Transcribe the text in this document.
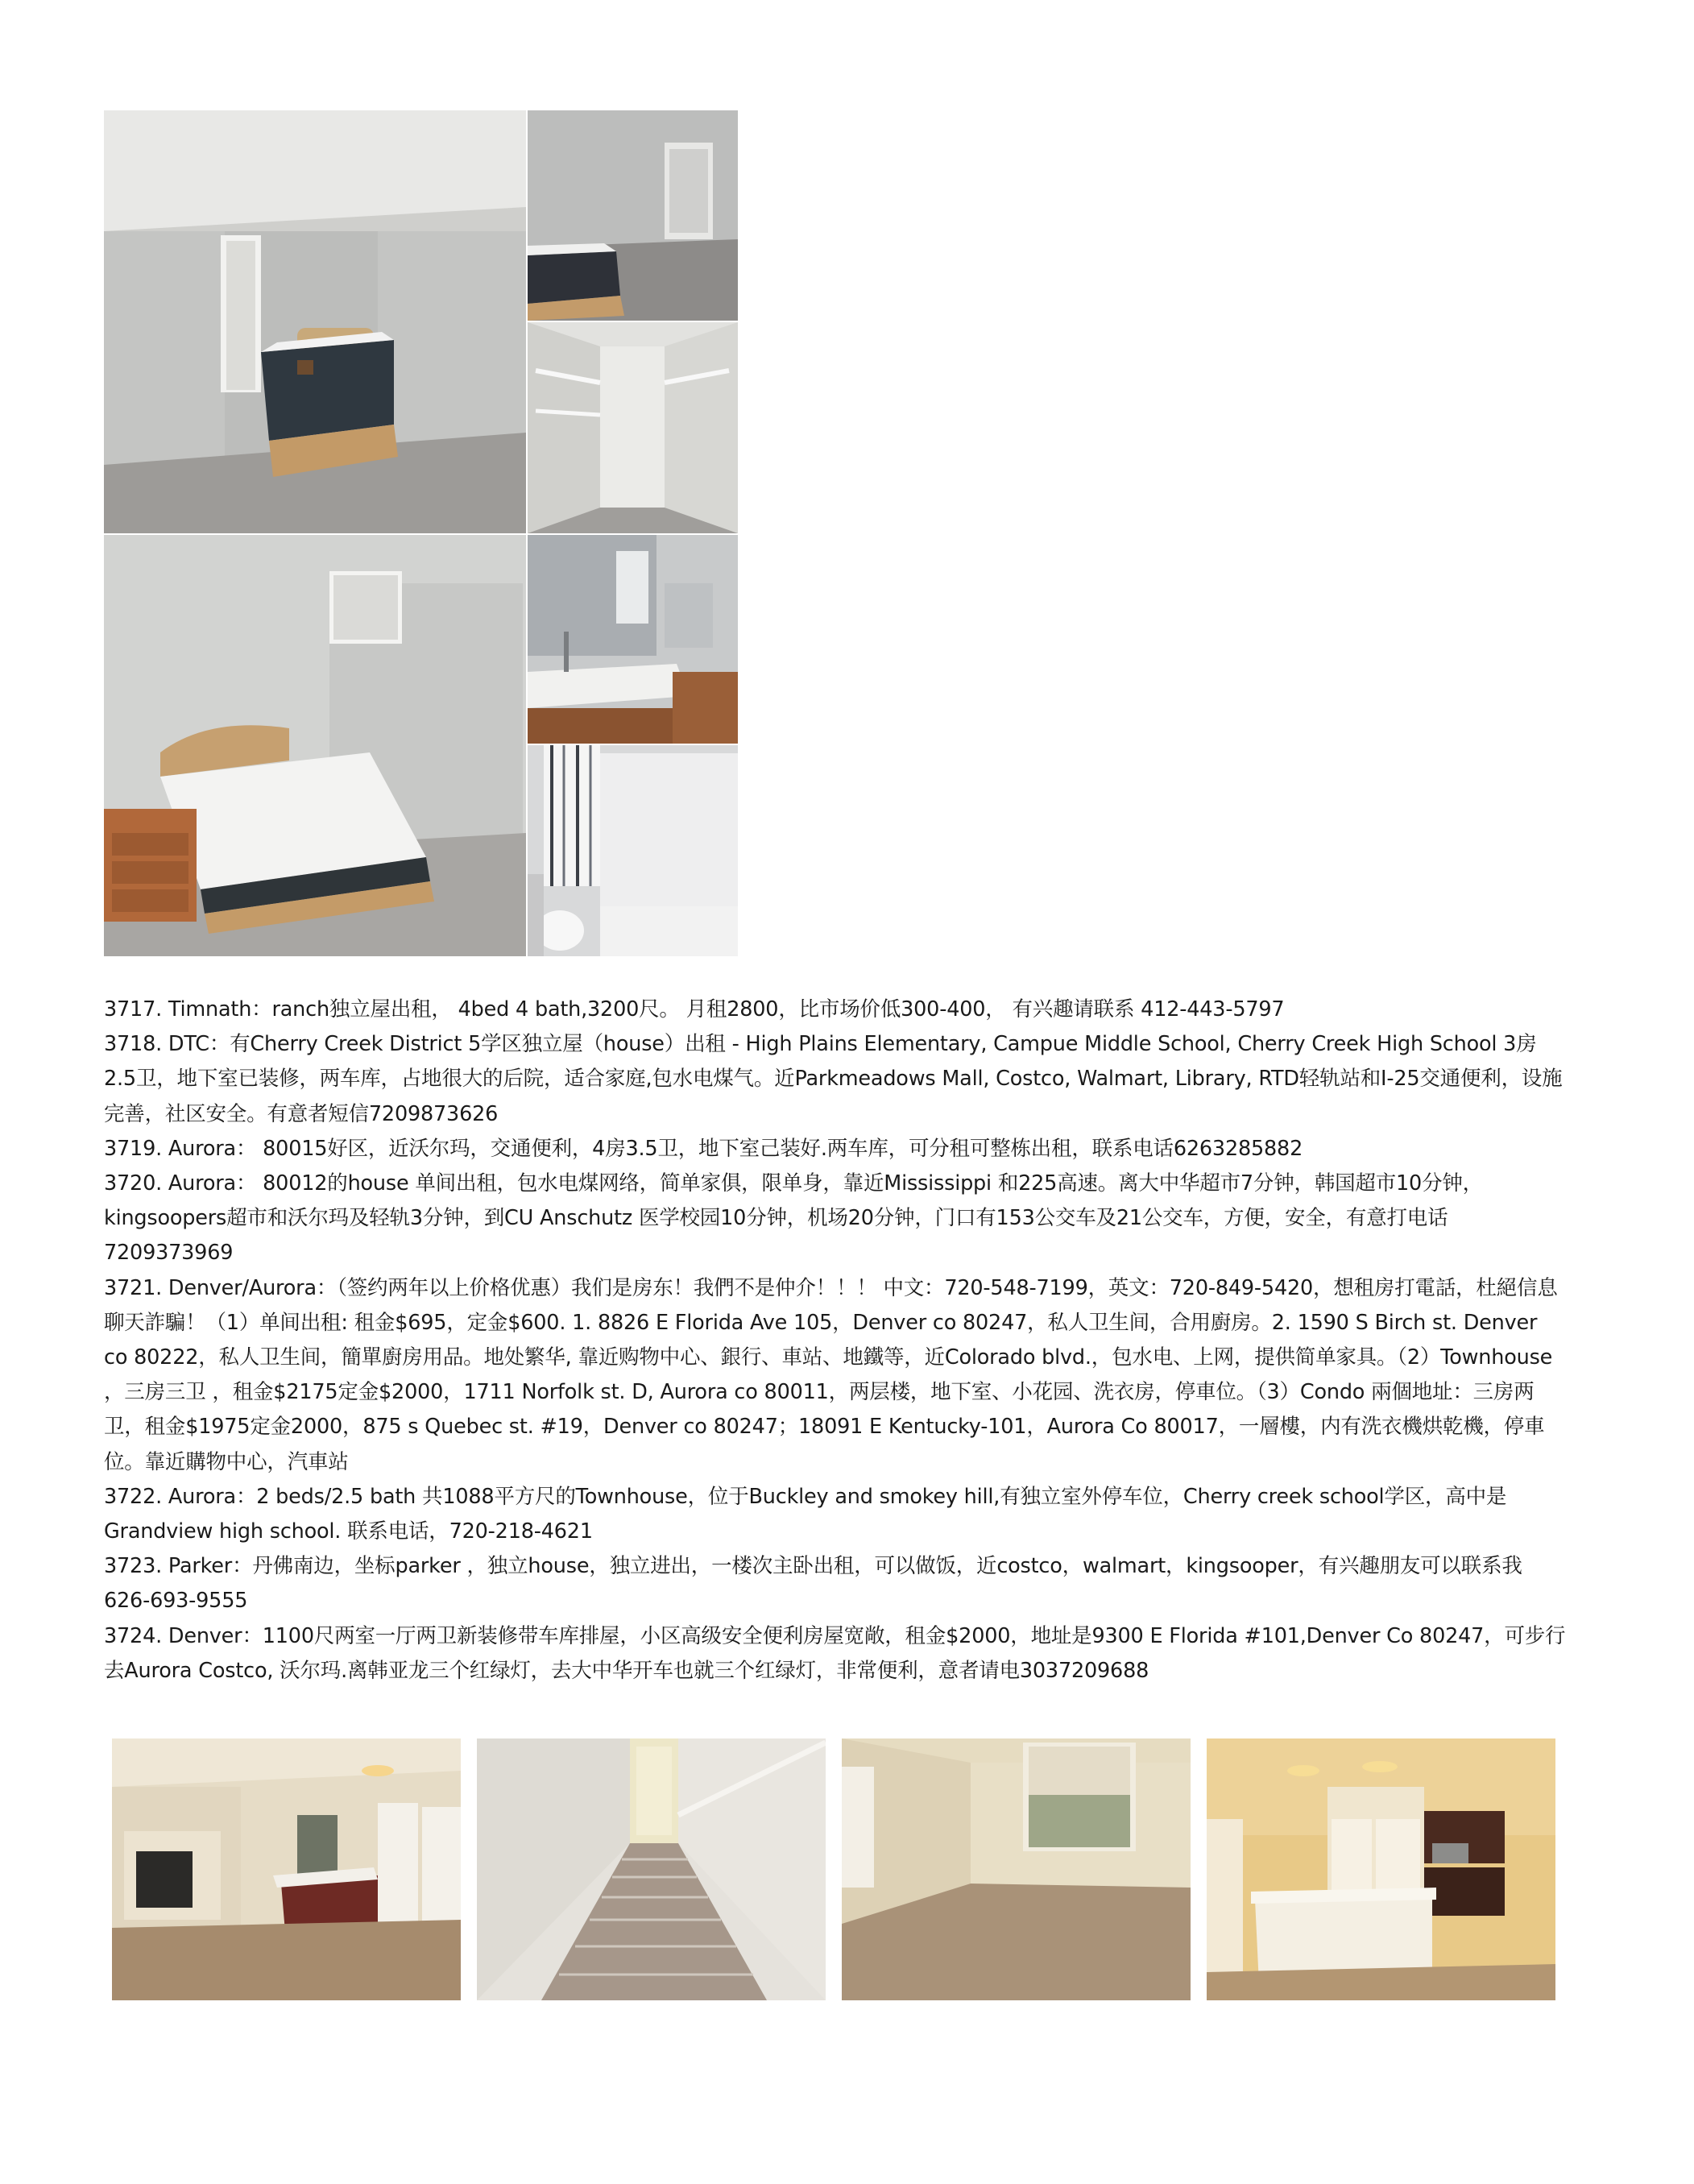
3717. Timnath：ranch独立屋出租， 4bed 4 bath,3200尺。 月租2800，比市场价低300-400， 有兴趣请联系 412-443-5797

3718. DTC：有Cherry Creek District 5学区独立屋（house）出租 - High Plains Elementary, Campue Middle School, Cherry Creek High School 3房2.5卫，地下室已装修，两车库，占地很大的后院，适合家庭,包水电煤气。近Parkmeadows Mall, Costco, Walmart, Library, RTD轻轨站和I-25交通便利，设施完善，社区安全。有意者短信7209873626

3719. Aurora： 80015好区，近沃尔玛，交通便利，4房3.5卫，地下室己装好.两车库，可分租可整栋出租，联系电话6263285882

3720. Aurora： 80012的house 单间出租，包水电煤网络，简单家俱，限单身，靠近Mississippi 和225高速。离大中华超市7分钟，韩国超市10分钟，kingsoopers超市和沃尔玛及轻轨3分钟，到CU Anschutz 医学校园10分钟，机场20分钟，门口有153公交车及21公交车，方便，安全，有意打电话7209373969

3721. Denver/Aurora：（签约两年以上价格优惠）我们是房东！我們不是仲介！！！ 中文：720-548-7199，英文：720-849-5420，想租房打電話，杜絕信息聊天詐騙！（1）单间出租: 租金$695，定金$600. 1. 8826 E Florida Ave 105，Denver co 80247，私人卫生间，合用廚房。2. 1590 S Birch st. Denver co 80222，私人卫生间，簡單廚房用品。地处繁华, 靠近购物中心、銀行、車站、地鐵等，近Colorado blvd.，包水电、上网，提供简单家具。（2）Townhouse ，三房三卫 ，租金$2175定金$2000，1711 Norfolk st. D, Aurora co 80011，两层楼，地下室、小花园、洗衣房，停車位。（3）Condo 兩個地址：三房两卫，租金$1975定金2000，875 s Quebec st. #19，Denver co 80247；18091 E Kentucky-101，Aurora Co 80017，一層樓，内有洗衣機烘乾機，停車位。靠近購物中心，汽車站

3722. Aurora：2 beds/2.5 bath 共1088平方尺的Townhouse，位于Buckley and smokey hill,有独立室外停车位，Cherry creek school学区，高中是Grandview high school. 联系电话，720-218-4621

3723. Parker：丹佛南边，坐标parker ，独立house，独立进出，一楼次主卧出租，可以做饭，近costco，walmart，kingsooper，有兴趣朋友可以联系我626-693-9555

3724. Denver：1100尺两室一厅两卫新装修带车库排屋，小区高级安全便利房屋宽敞，租金$2000，地址是9300 E Florida #101,Denver Co 80247，可步行去Aurora Costco, 沃尔玛.离韩亚龙三个红绿灯，去大中华开车也就三个红绿灯，非常便利，意者请电3037209688
